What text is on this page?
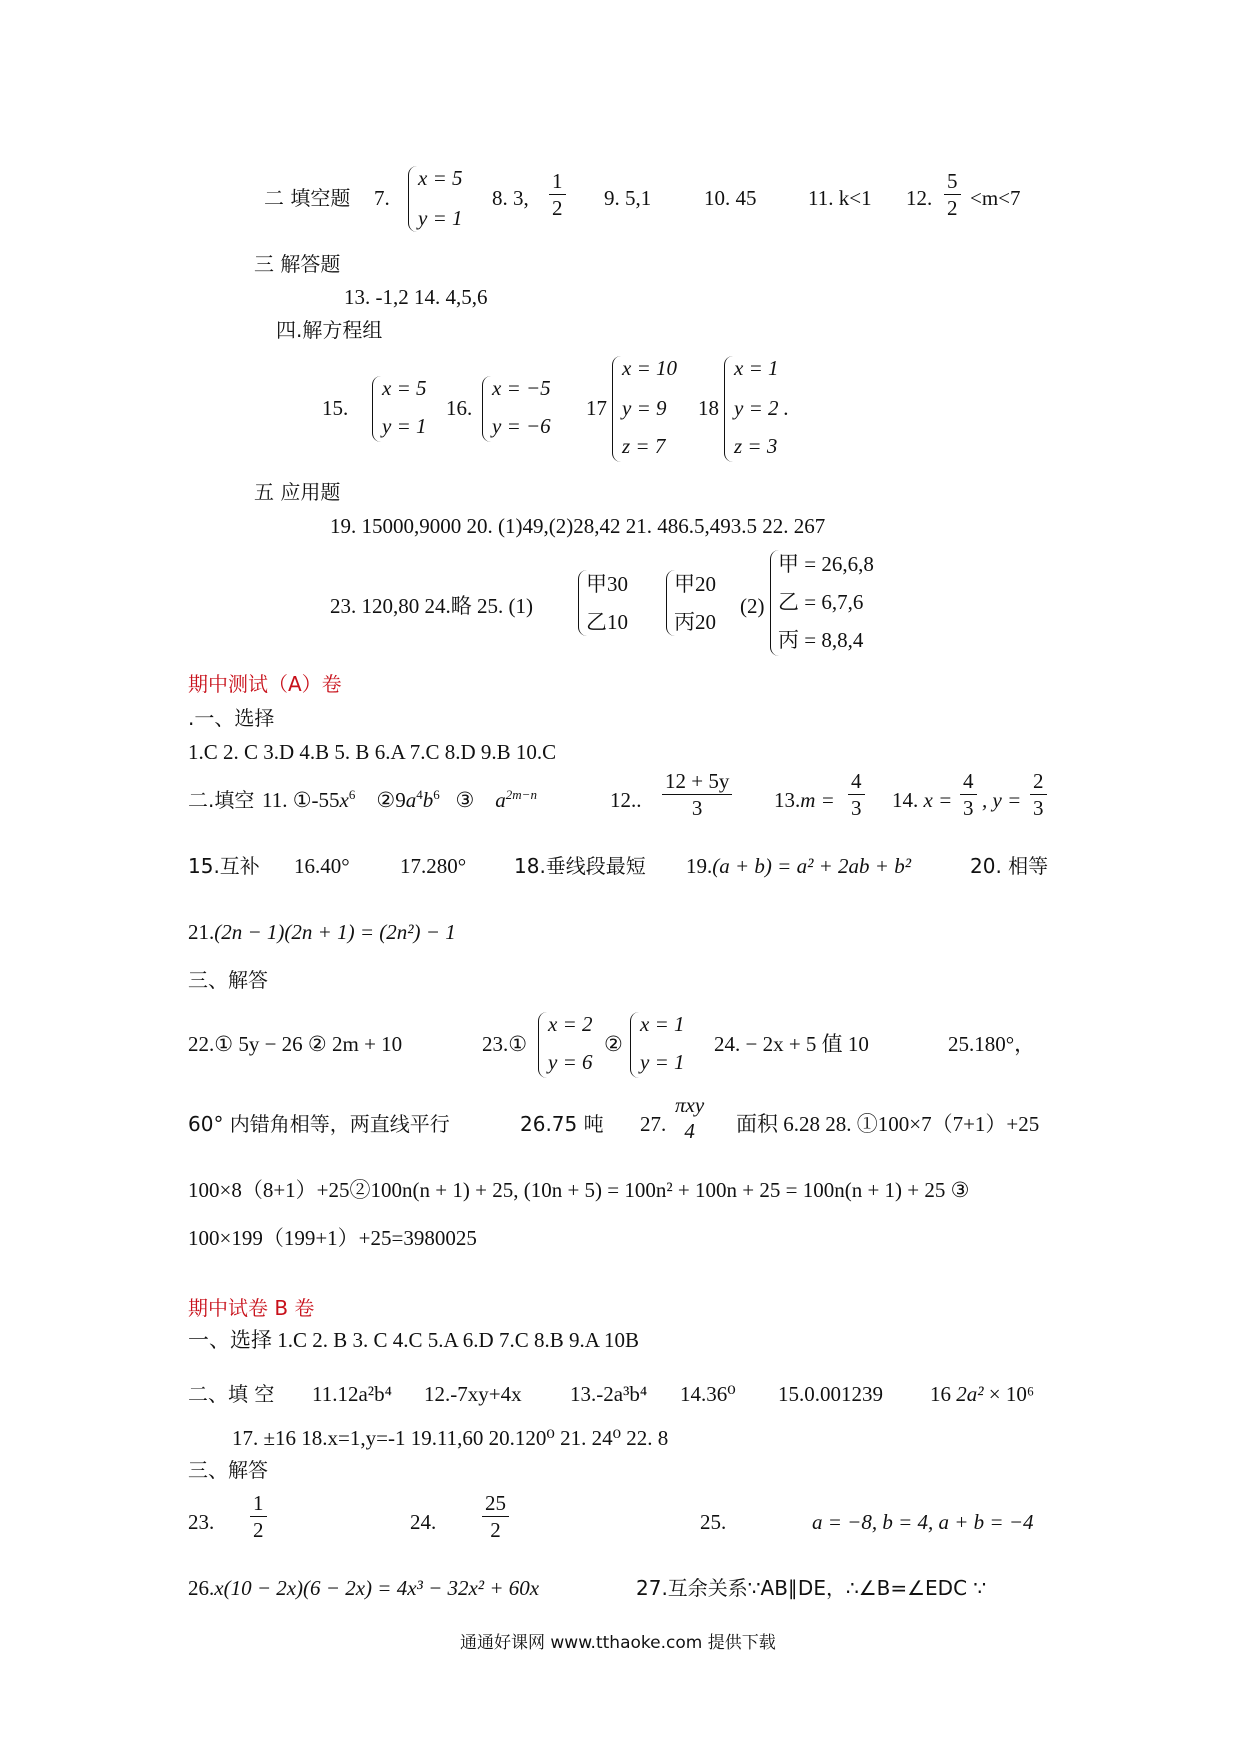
二 填空题 7.
x = 5
y = 1
8. 3, $\frac{1}{2} 9$. 5,1	10. 45 11. k<1 12. $\frac{5}{2} <m<7$
三 解答题
13. -1,2 14. 4,5,6
四.解方程组
15.
x = 5
y = 1
16.
x = −5
y = −6
17
x = 10
y = 9
z = 7
18
x = 1
y = 2 .
z = 3
五 应用题
19. 15000,9000 20. (1)49,(2)28,42 21. 486.5,493.5 22. 267
23. 120,80 24.略 25. (1)
甲30
乙10
甲20
丙20
(2)
甲 = 26,6,8
乙 = 6,7,6
丙 = 8,8,4
期中测试（A）卷
.一、选择
1.C 2. C 3.D 4.B 5. B 6.A 7.C 8.D 9.B 10.C
二.填空 11. $①-55x^6$ $②9a^4b^6$ ③ $a^{2m-n}$	12.. $\frac{12 + 5y}{3} 13.m = \frac{4}{3} 14$. $x = \frac{4}{3}$ , $y = \frac{2}{3}$
15.互补 16.40° 17.280° 18.垂线段最短 19.(a + b) = a² + 2ab + b²	20. 相等
21.(2n − 1)(2n + 1) = (2n²) − 1
三、解答
22.① 5y − 26 ② 2m + 10	23.①
x = 2
y = 6
②
x = 1
y = 1
24. − 2x + 5 值 10	25.180°，
60° 内错角相等，两直线平行	26.75 吨 27.
πxy
4	面积 6.28 28. ①100×7（7+1）+25
100×8（8+1）+25②100n(n + 1) + 25, (10n + 5) = 100n² + 100n + 25 = 100n(n + 1) + 25 ③
100×199（199+1）+25=3980025
期中试卷 B 卷
一、选择 1.C 2. B 3. C 4.C 5.A 6.D 7.C 8.B 9.A 10B
二、填 空 11.12a²b⁴ 12.-7xy+4x 13.-2a³b⁴ 14.36⁰ 15.0.001239 16 2a² × 10⁶
17. ±16 18.x=1,y=-1 19.11,60 20.120⁰ 21. 24⁰ 22. 8
三、解答
23. $\frac{1}{2}$	24. $\frac{25}{2}$	25.	a = −8, b = 4, a + b = −4
26.x(10 − 2x)(6 − 2x) = 4x³ − 32x² + 60x	27.互余关系∵AB∥DE，∴∠B=∠EDC ∵
通通好课网 www.tthaoke.com 提供下载
